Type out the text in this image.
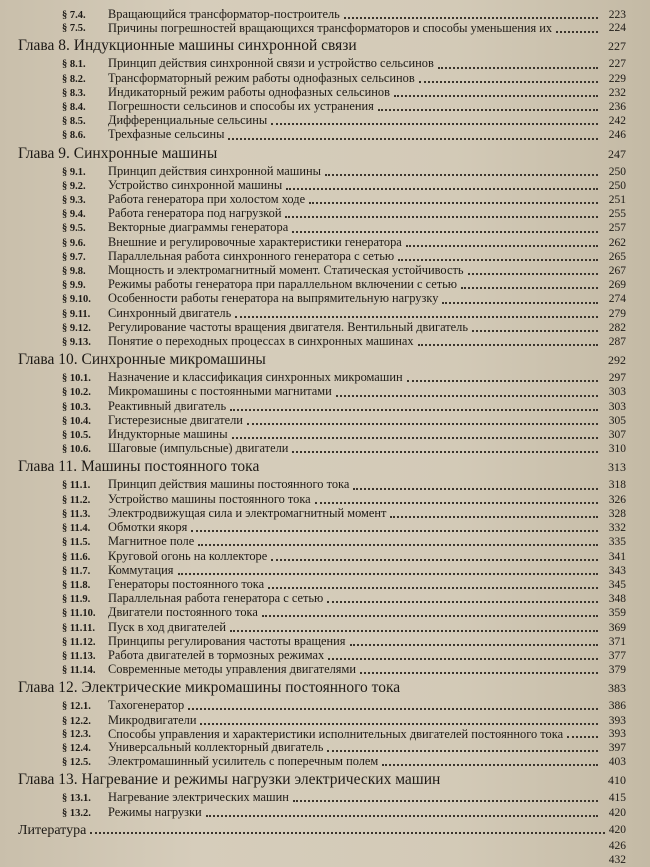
§ 7.4.	Вращающийся трансформатор-построитель	223
§ 7.5.	Причины погрешностей вращающихся трансформаторов и способы уменьшения их	224
Глава 8. Индукционные машины синхронной связи	227
§ 8.1.	Принцип действия синхронной связи и устройство сельсинов	227
§ 8.2.	Трансформаторный режим работы однофазных сельсинов	229
§ 8.3.	Индикаторный режим работы однофазных сельсинов	232
§ 8.4.	Погрешности сельсинов и способы их устранения	236
§ 8.5.	Дифференциальные сельсины	242
§ 8.6.	Трехфазные сельсины	246
Глава 9. Синхронные машины	247
§ 9.1.	Принцип действия синхронной машины	250
§ 9.2.	Устройство синхронной машины	250
§ 9.3.	Работа генератора при холостом ходе	251
§ 9.4.	Работа генератора под нагрузкой	255
§ 9.5.	Векторные диаграммы генератора	257
§ 9.6.	Внешние и регулировочные характеристики генератора	262
§ 9.7.	Параллельная работа синхронного генератора с сетью	265
§ 9.8.	Мощность и электромагнитный момент. Статическая устойчивость	267
§ 9.9.	Режимы работы генератора при параллельном включении с сетью	269
§ 9.10.	Особенности работы генератора на выпрямительную нагрузку	274
§ 9.11.	Синхронный двигатель	279
§ 9.12.	Регулирование частоты вращения двигателя. Вентильный двигатель	282
§ 9.13.	Понятие о переходных процессах в синхронных машинах	287
Глава 10. Синхронные микромашины	292
§ 10.1.	Назначение и классификация синхронных микромашин	297
§ 10.2.	Микромашины с постоянными магнитами	303
§ 10.3.	Реактивный двигатель	303
§ 10.4.	Гистерезисные двигатели	305
§ 10.5.	Индукторные машины	307
§ 10.6.	Шаговые (импульсные) двигатели	310
Глава 11. Машины постоянного тока	313
§ 11.1.	Принцип действия машины постоянного тока	318
§ 11.2.	Устройство машины постоянного тока	326
§ 11.3.	Электродвижущая сила и электромагнитный момент	328
§ 11.4.	Обмотки якоря	332
§ 11.5.	Магнитное поле	335
§ 11.6.	Круговой огонь на коллекторе	341
§ 11.7.	Коммутация	343
§ 11.8.	Генераторы постоянного тока	345
§ 11.9.	Параллельная работа генератора с сетью	348
§ 11.10.	Двигатели постоянного тока	359
§ 11.11.	Пуск в ход двигателей	369
§ 11.12.	Принципы регулирования частоты вращения	371
§ 11.13.	Работа двигателей в тормозных режимах	377
§ 11.14.	Современные методы управления двигателями	379
Глава 12. Электрические микромашины постоянного тока	383
§ 12.1.	Тахогенератор	386
§ 12.2.	Микродвигатели	393
§ 12.3.	Способы управления и характеристики исполнительных двигателей постоянного тока	393
§ 12.4.	Универсальный коллекторный двигатель	397
§ 12.5.	Электромашинный усилитель с поперечным полем	403
Глава 13. Нагревание и режимы нагрузки электрических машин	410
§ 13.1.	Нагревание электрических машин	415
§ 13.2.	Режимы нагрузки	420
Литература	420
426
432
